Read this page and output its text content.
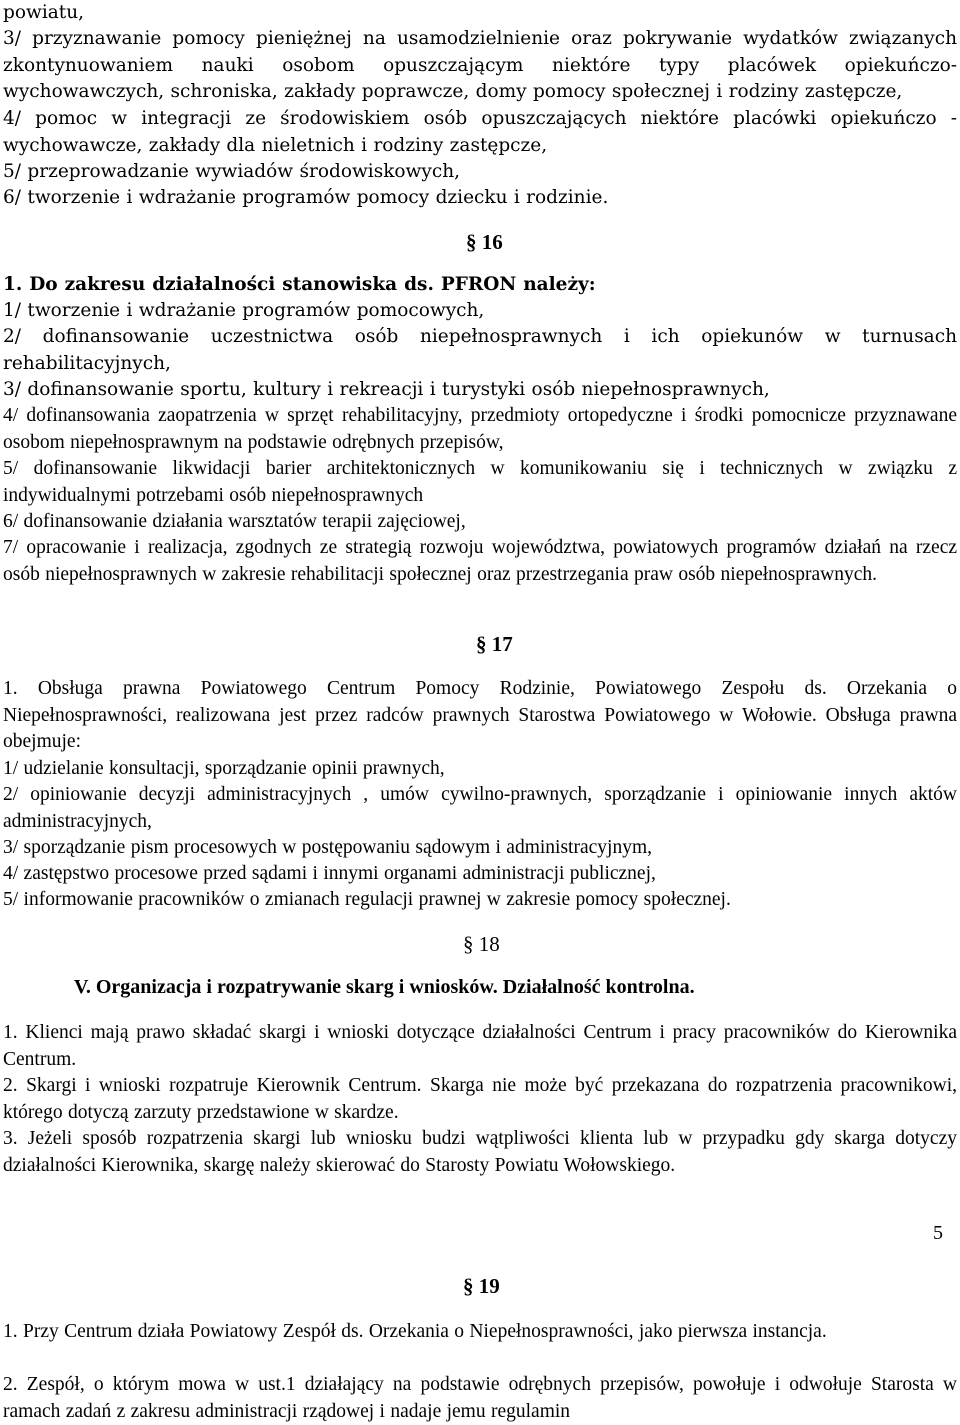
powiatu,
3/ przyznawanie pomocy pieniężnej na usamodzielnienie oraz pokrywanie wydatków związanych zkontynuowaniem nauki osobom opuszczającym niektóre typy placówek opiekuńczo-wychowawczych, schroniska, zakłady poprawcze, domy pomocy społecznej i rodziny zastępcze,
4/ pomoc w integracji ze środowiskiem osób opuszczających niektóre placówki opiekuńczo - wychowawcze, zakłady dla nieletnich i rodziny zastępcze,
5/ przeprowadzanie wywiadów środowiskowych,
6/ tworzenie i wdrażanie programów pomocy dziecku i rodzinie.
§ 16
1. Do zakresu działalności stanowiska ds. PFRON należy:
1/ tworzenie i wdrażanie programów pomocowych,
2/ dofinansowanie uczestnictwa osób niepełnosprawnych i ich opiekunów w turnusach rehabilitacyjnych,
3/ dofinansowanie sportu, kultury i rekreacji i turystyki osób niepełnosprawnych,
4/ dofinansowania zaopatrzenia w sprzęt rehabilitacyjny, przedmioty ortopedyczne i środki pomocnicze przyznawane osobom niepełnosprawnym na podstawie odrębnych przepisów,
5/ dofinansowanie likwidacji barier architektonicznych w komunikowaniu się i technicznych w związku z indywidualnymi potrzebami osób niepełnosprawnych
6/ dofinansowanie działania warsztatów terapii zajęciowej,
7/ opracowanie i realizacja, zgodnych ze strategią rozwoju województwa, powiatowych programów działań na rzecz osób niepełnosprawnych w zakresie rehabilitacji społecznej oraz przestrzegania praw osób niepełnosprawnych.
§ 17
1. Obsługa prawna Powiatowego Centrum Pomocy Rodzinie, Powiatowego Zespołu ds. Orzekania o Niepełnosprawności, realizowana jest przez radców prawnych Starostwa Powiatowego w Wołowie. Obsługa prawna obejmuje:
1/ udzielanie konsultacji, sporządzanie opinii prawnych,
2/ opiniowanie decyzji administracyjnych , umów cywilno-prawnych, sporządzanie i opiniowanie innych aktów administracyjnych,
3/ sporządzanie pism procesowych w postępowaniu sądowym i administracyjnym,
4/ zastępstwo procesowe przed sądami i innymi organami administracji publicznej,
5/ informowanie pracowników o zmianach regulacji prawnej w zakresie pomocy społecznej.
§ 18
V. Organizacja i rozpatrywanie skarg i wniosków. Działalność kontrolna.
1. Klienci mają prawo składać skargi i wnioski dotyczące działalności Centrum i pracy pracowników do Kierownika Centrum.
2. Skargi i wnioski rozpatruje Kierownik Centrum. Skarga nie może być przekazana do rozpatrzenia pracownikowi, którego dotyczą zarzuty przedstawione w skardze.
3. Jeżeli sposób rozpatrzenia skargi lub wniosku budzi wątpliwości klienta lub w przypadku gdy skarga dotyczy działalności Kierownika, skargę należy skierować do Starosty Powiatu Wołowskiego.
5
§ 19
1. Przy Centrum działa Powiatowy Zespół ds. Orzekania o Niepełnosprawności, jako pierwsza instancja.
2. Zespół, o którym mowa w ust.1 działający na podstawie odrębnych przepisów, powołuje i odwołuje Starosta w ramach zadań z zakresu administracji rządowej i nadaje jemu regulamin
